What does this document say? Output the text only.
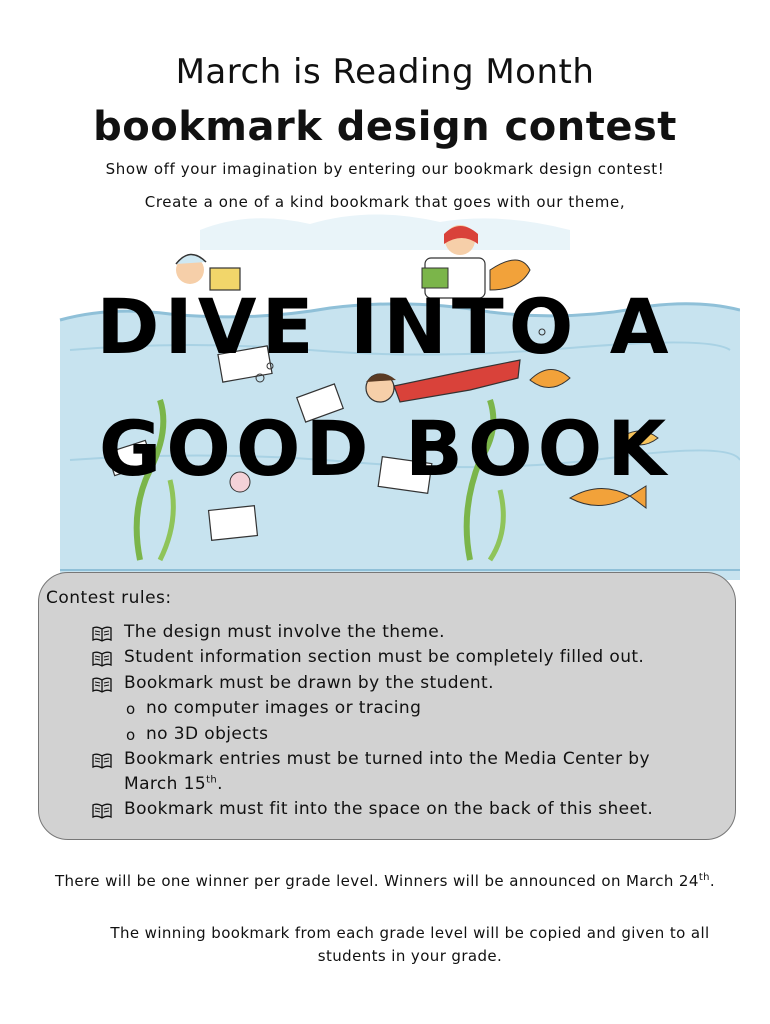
March is Reading Month
bookmark design contest
Show off your imagination by entering our bookmark design contest!
Create a one of a kind bookmark that goes with our theme,
DIVE INTO A
GOOD BOOK
Contest rules:
The design must involve the theme.
Student information section must be completely filled out.
Bookmark must be drawn by the student.
o no computer images or tracing
o no 3D objects
Bookmark entries must be turned into the Media Center by
March 15th.
Bookmark must fit into the space on the back of this sheet.
There will be one winner per grade level. Winners will be announced on March 24th.
The winning bookmark from each grade level will be copied and given to all students in your grade.
